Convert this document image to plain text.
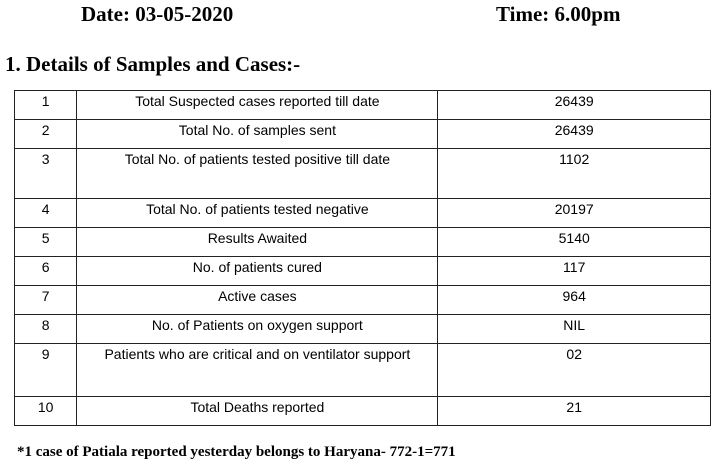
Date: 03-05-2020	Time: 6.00pm
1. Details of Samples and Cases:-
1	Total Suspected cases reported till date	26439
2	Total No. of samples sent	26439
3	Total No. of patients tested positive till date	1102
4	Total No. of patients tested negative	20197
5	Results Awaited	5140
6	No. of patients cured	117
7	Active cases	964
8	No. of Patients on oxygen support	NIL
9	Patients who are critical and on ventilator support	02
10	Total Deaths reported	21
*1 case of Patiala reported yesterday belongs to Haryana- 772-1=771
